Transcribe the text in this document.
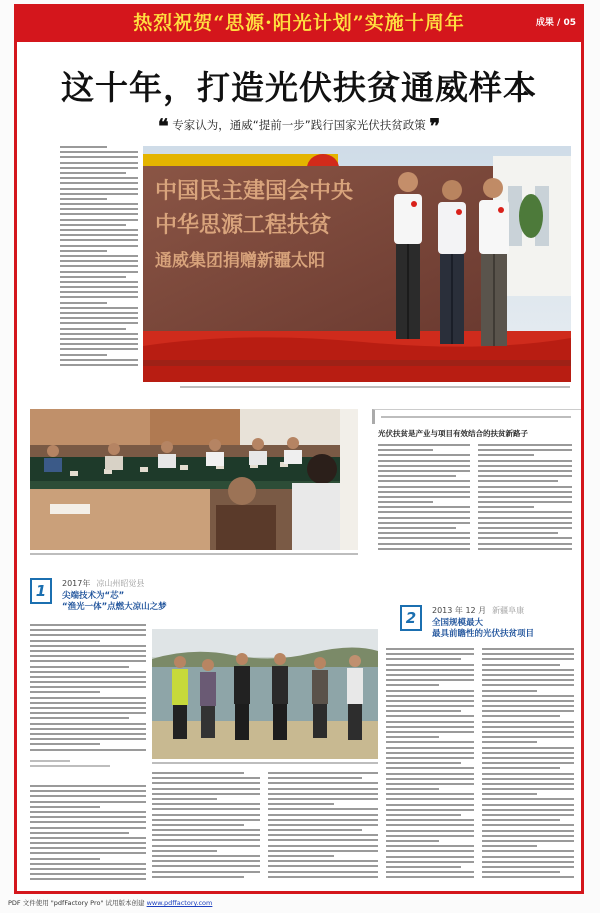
热烈祝贺“思源·阳光计划”实施十周年	成果 / 05
这十年，打造光伏扶贫通威样本
❝ 专家认为，通威“提前一步”践行国家光伏扶贫政策 ❞
中国民主建国会中央
中华思源工程扶贫
通威集团捐赠新疆太阳
光伏扶贫是产业与项目有效结合的扶贫新路子
1	2017年 凉山州昭觉县
尖端技术为“芯”
“渔光一体”点燃大凉山之梦
2	2013 年 12 月 新疆阜康
全国规模最大
最具前瞻性的光伏扶贫项目
PDF 文件使用 "pdfFactory Pro" 试用版本创建 www.pdffactory.com
